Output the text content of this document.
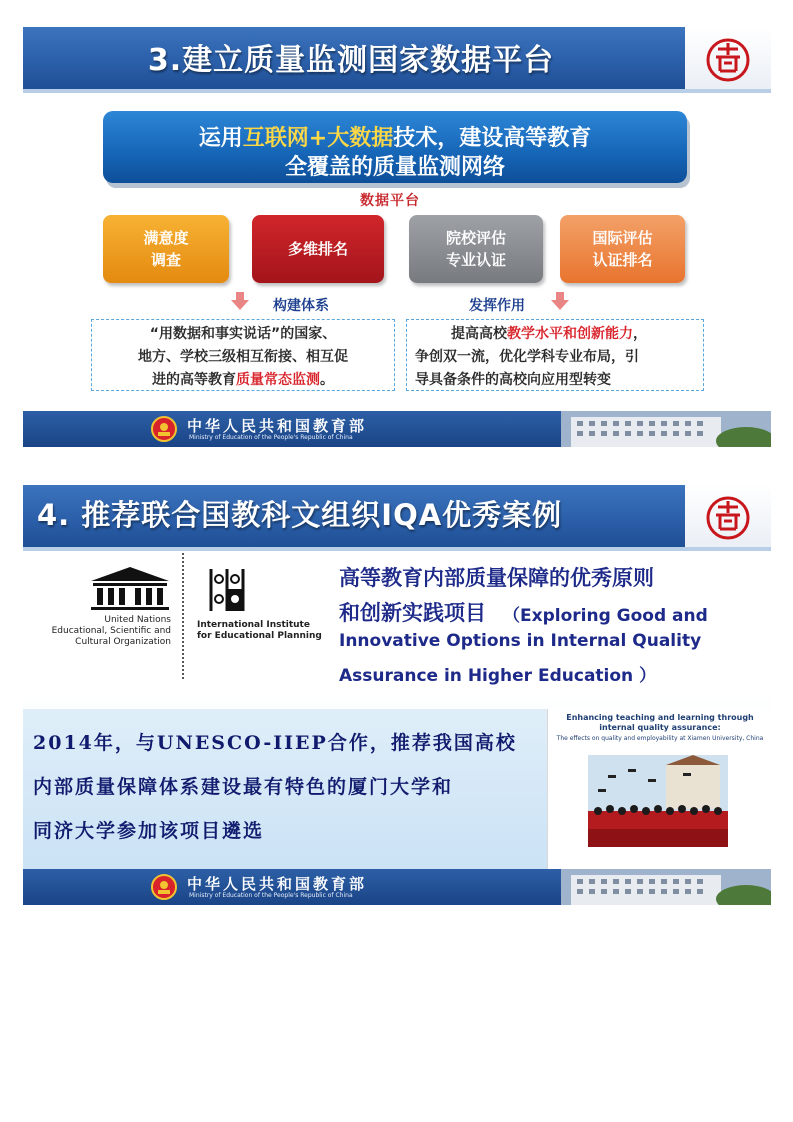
3.建立质量监测国家数据平台
运用互联网+大数据技术，建设高等教育
全覆盖的质量监测网络
数据平台
满意度
调查
多维排名
院校评估
专业认证
国际评估
认证排名
构建体系	发挥作用
“用数据和事实说话”的国家、
地方、学校三级相互衔接、相互促
进的高等教育质量常态监测。
提高高校教学水平和创新能力，
争创双一流，优化学科专业布局，引
导具备条件的高校向应用型转变
中华人民共和国教育部
Ministry of Education of the People's Republic of China
4. 推荐联合国教科文组织IQA优秀案例
United Nations
Educational, Scientific and
Cultural Organization
International Institute
for Educational Planning
高等教育内部质量保障的优秀原则
和创新实践项目 （Exploring Good and
Innovative Options in Internal Quality
Assurance in Higher Education ）
2014年，与UNESCO-IIEP合作，推荐我国高校
内部质量保障体系建设最有特色的厦门大学和
同济大学参加该项目遴选
Enhancing teaching and learning through internal quality assurance:
The effects on quality and employability at Xiamen University, China
中华人民共和国教育部
Ministry of Education of the People's Republic of China
